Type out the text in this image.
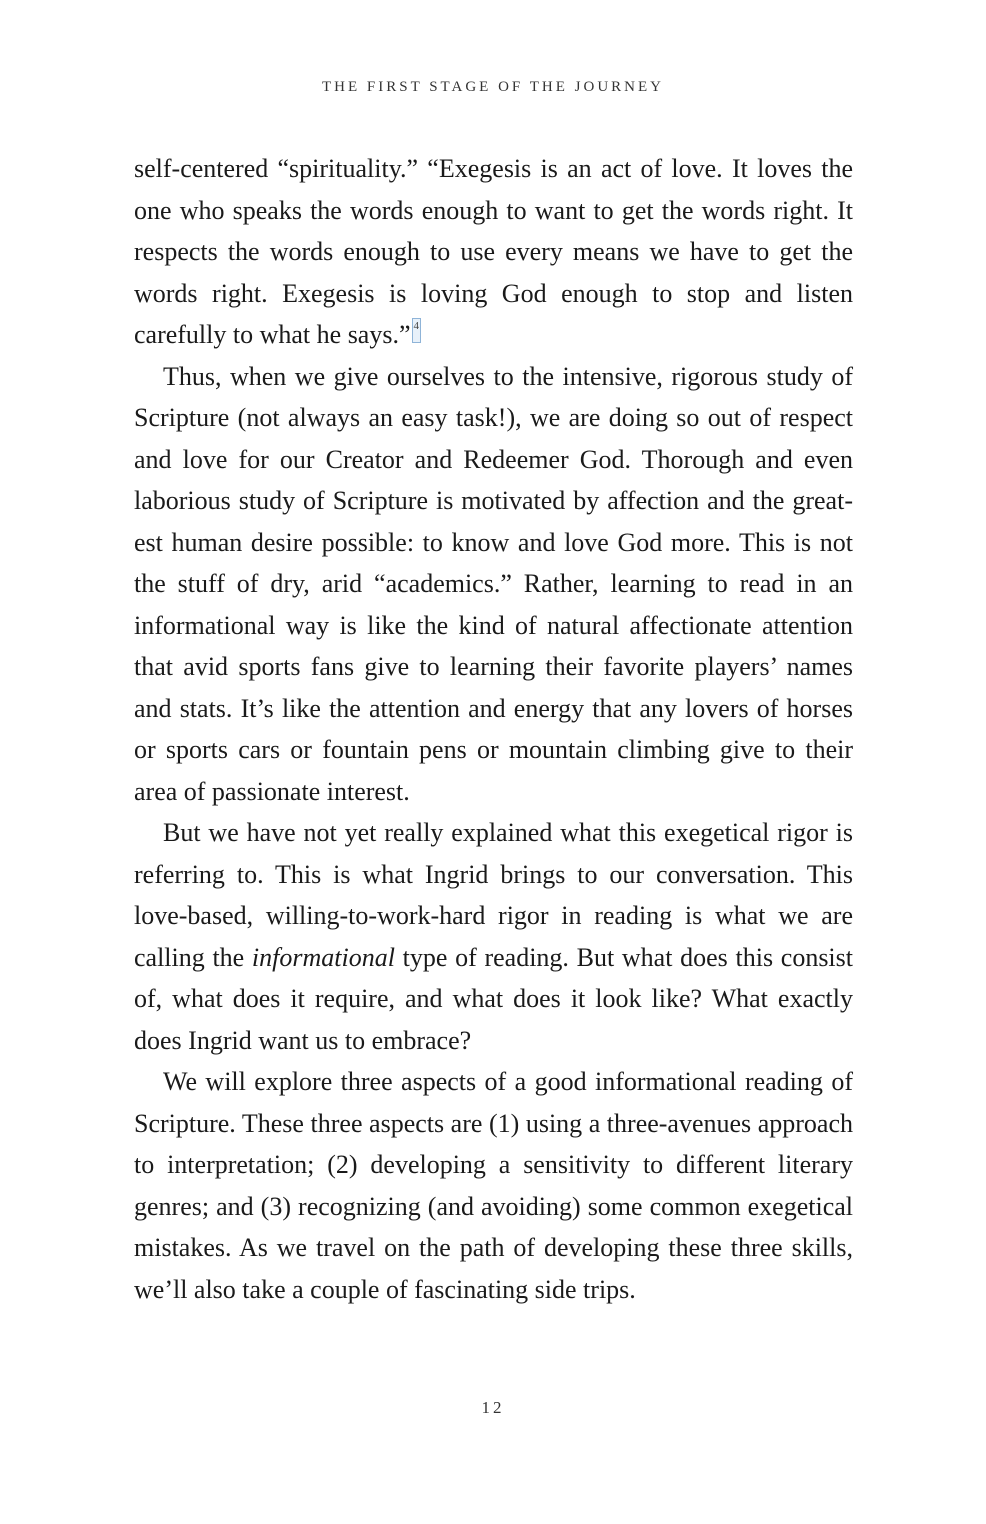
THE FIRST STAGE OF THE JOURNEY

self-centered “spirituality.” “Exegesis is an act of love. It loves the one who speaks the words enough to want to get the words right. It respects the words enough to use every means we have to get the words right. Exegesis is loving God enough to stop and listen carefully to what he says.” 4

Thus, when we give ourselves to the intensive, rigorous study of Scripture (not always an easy task!), we are doing so out of respect and love for our Creator and Redeemer God. Thorough and even laborious study of Scripture is motivated by affection and the greatest human desire possible: to know and love God more. This is not the stuff of dry, arid “academics.” Rather, learning to read in an informational way is like the kind of natural affectionate attention that avid sports fans give to learning their favorite players’ names and stats. It’s like the attention and energy that any lovers of horses or sports cars or fountain pens or mountain climbing give to their area of passionate interest.

But we have not yet really explained what this exegetical rigor is referring to. This is what Ingrid brings to our conversation. This love-based, willing-to-work-hard rigor in reading is what we are calling the informational type of reading. But what does this consist of, what does it require, and what does it look like? What exactly does Ingrid want us to embrace?

We will explore three aspects of a good informational reading of Scripture. These three aspects are (1) using a three-avenues approach to interpretation; (2) developing a sensitivity to different literary genres; and (3) recognizing (and avoiding) some common exegetical mistakes. As we travel on the path of developing these three skills, we’ll also take a couple of fascinating side trips.

12
